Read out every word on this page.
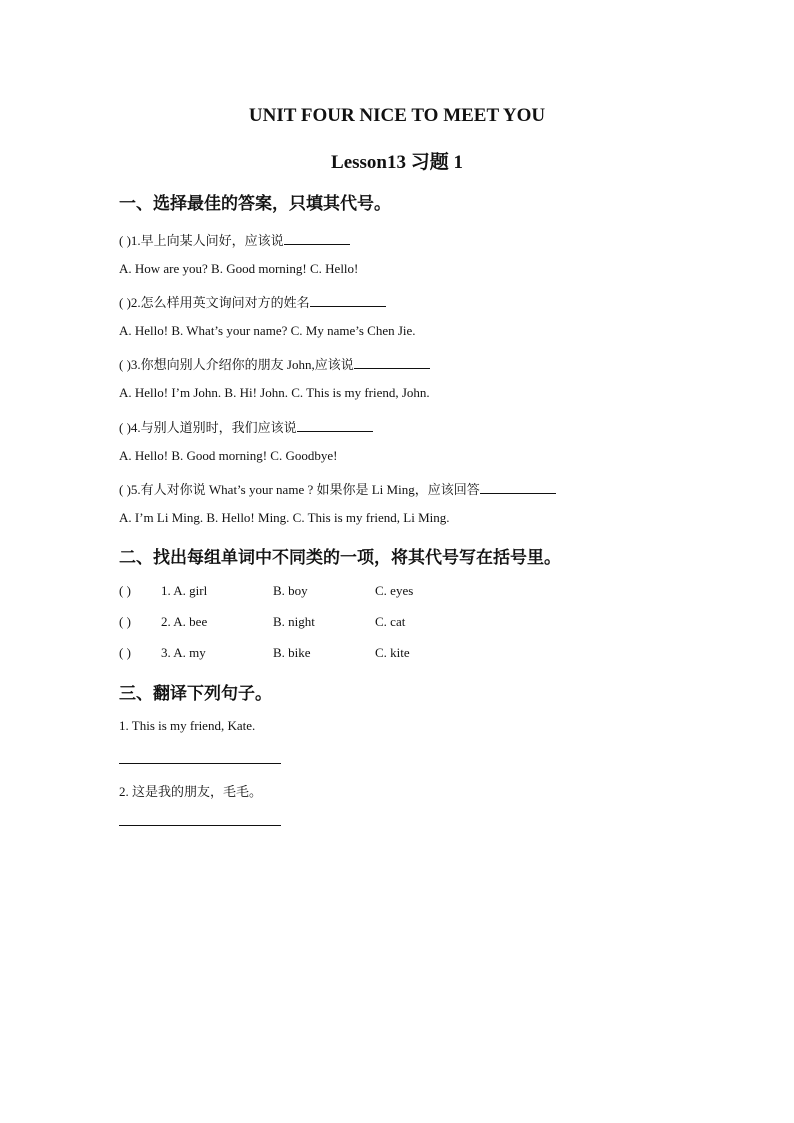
UNIT FOUR NICE TO MEET YOU
Lesson13 习题 1
一、选择最佳的答案，只填其代号。
( )1.早上向某人问好，应该说
A. How are you? B. Good morning! C. Hello!
( )2.怎么样用英文询问对方的姓名
A. Hello! B. What’s your name? C. My name’s Chen Jie.
( )3.你想向别人介绍你的朋友 John,应该说
A. Hello! I’m John. B. Hi! John. C. This is my friend, John.
( )4.与别人道别时，我们应该说
A. Hello! B. Good morning! C. Goodbye!
( )5.有人对你说 What’s your name ? 如果你是 Li Ming，应该回答
A. I’m Li Ming. B. Hello! Ming. C. This is my friend, Li Ming.
二、找出每组单词中不同类的一项，将其代号写在括号里。
( ) 1. A. girl	B. boy	C. eyes
( ) 2. A. bee	B. night	C. cat
( ) 3. A. my	B. bike	C. kite
三、翻译下列句子。
1. This is my friend, Kate.
2. 这是我的朋友，毛毛。
